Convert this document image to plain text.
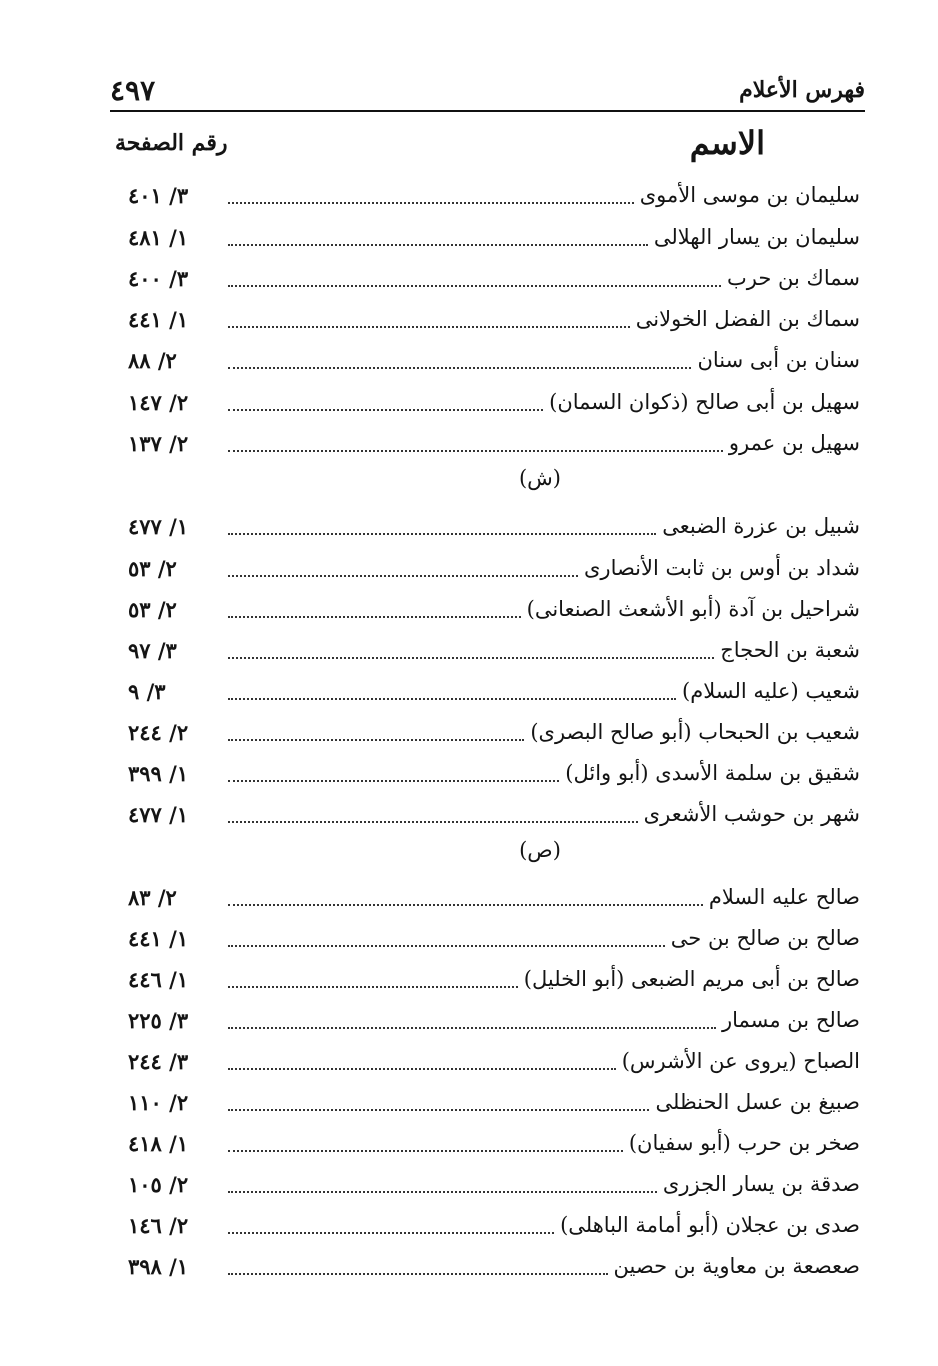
٤٩٧	فهرس الأعلام
رقم الصفحة	الاسم
٣/ ٤٠١	سليمان بن موسى الأموى
١/ ٤٨١	سليمان بن يسار الهلالى
٣/ ٤٠٠	سماك بن حرب
١/ ٤٤١	سماك بن الفضل الخولانى
٢/ ٨٨	سنان بن أبى سنان
٢/ ١٤٧	سهيل بن أبى صالح (ذكوان السمان)
٢/ ١٣٧	سهيل بن عمرو
(ش)
١/ ٤٧٧	شبيل بن عزرة الضبعى
٢/ ٥٣	شداد بن أوس بن ثابت الأنصارى
٢/ ٥٣	شراحيل بن آدة (أبو الأشعث الصنعانى)
٣/ ٩٧	شعبة بن الحجاج
٣/ ٩	شعيب (عليه السلام)
٢/ ٢٤٤	شعيب بن الحبحاب (أبو صالح البصرى)
١/ ٣٩٩	شقيق بن سلمة الأسدى (أبو وائل)
١/ ٤٧٧	شهر بن حوشب الأشعرى
(ص)
٢/ ٨٣	صالح عليه السلام
١/ ٤٤١	صالح بن صالح بن حى
١/ ٤٤٦	صالح بن أبى مريم الضبعى (أبو الخليل)
٣/ ٢٢٥	صالح بن مسمار
٣/ ٢٤٤	الصباح (يروى عن الأشرس)
٢/ ١١٠	صبيغ بن عسل الحنظلى
١/ ٤١٨	صخر بن حرب (أبو سفيان)
٢/ ١٠٥	صدقة بن يسار الجزرى
٢/ ١٤٦	صدى بن عجلان (أبو أمامة الباهلى)
١/ ٣٩٨	صعصعة بن معاوية بن حصين
